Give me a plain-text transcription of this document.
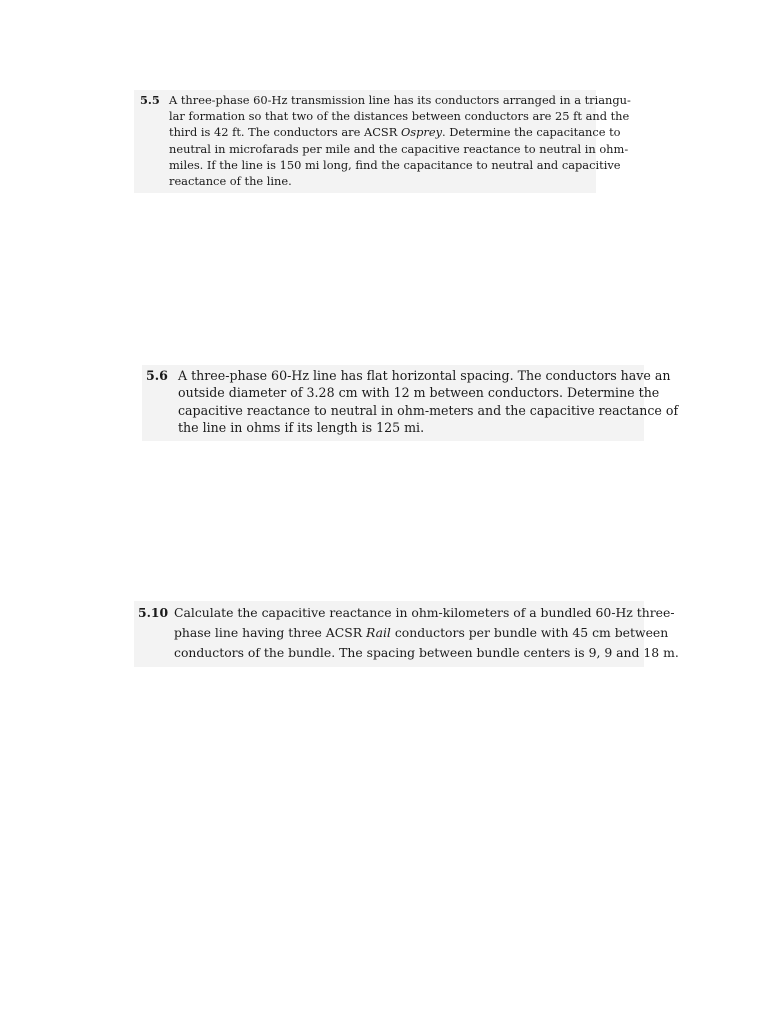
5.5 A three-phase 60-Hz transmission line has its conductors arranged in a triangu-
lar formation so that two of the distances between conductors are 25 ft and the
third is 42 ft. The conductors are ACSR Osprey. Determine the capacitance to
neutral in microfarads per mile and the capacitive reactance to neutral in ohm-
miles. If the line is 150 mi long, find the capacitance to neutral and capacitive
reactance of the line.
5.6 A three-phase 60-Hz line has flat horizontal spacing. The conductors have an
outside diameter of 3.28 cm with 12 m between conductors. Determine the
capacitive reactance to neutral in ohm-meters and the capacitive reactance of
the line in ohms if its length is 125 mi.
5.10 Calculate the capacitive reactance in ohm-kilometers of a bundled 60-Hz three-
phase line having three ACSR Rail conductors per bundle with 45 cm between
conductors of the bundle. The spacing between bundle centers is 9, 9 and 18 m.
